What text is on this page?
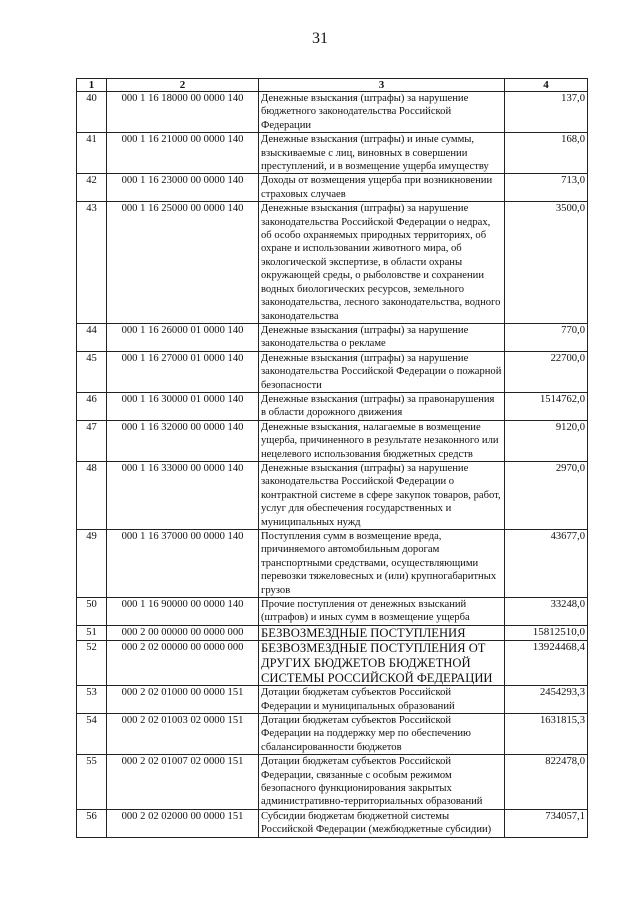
31
1	2	3	4
40	000 1 16 18000 00 0000 140	Денежные взыскания (штрафы) за нарушение бюджетного законодательства Российской Федерации	137,0
41	000 1 16 21000 00 0000 140	Денежные взыскания (штрафы) и иные суммы, взыскиваемые с лиц, виновных в совершении преступлений, и в возмещение ущерба имуществу	168,0
42	000 1 16 23000 00 0000 140	Доходы от возмещения ущерба при возникновении страховых случаев	713,0
43	000 1 16 25000 00 0000 140	Денежные взыскания (штрафы) за нарушение законодательства Российской Федерации о недрах, об особо охраняемых природных территориях, об охране и использовании животного мира, об экологической экспертизе, в области охраны окружающей среды, о рыболовстве и сохранении водных биологических ресурсов, земельного законодательства, лесного законодательства, водного законодательства	3500,0
44	000 1 16 26000 01 0000 140	Денежные взыскания (штрафы) за нарушение законодательства о рекламе	770,0
45	000 1 16 27000 01 0000 140	Денежные взыскания (штрафы) за нарушение законодательства Российской Федерации о пожарной безопасности	22700,0
46	000 1 16 30000 01 0000 140	Денежные взыскания (штрафы) за правонарушения в области дорожного движения	1514762,0
47	000 1 16 32000 00 0000 140	Денежные взыскания, налагаемые в возмещение ущерба, причиненного в результате незаконного или нецелевого использования бюджетных средств	9120,0
48	000 1 16 33000 00 0000 140	Денежные взыскания (штрафы) за нарушение законодательства Российской Федерации о контрактной системе в сфере закупок товаров, работ, услуг для обеспечения государственных и муниципальных нужд	2970,0
49	000 1 16 37000 00 0000 140	Поступления сумм в возмещение вреда, причиняемого автомобильным дорогам транспортными средствами, осуществляющими перевозки тяжеловесных и (или) крупногабаритных грузов	43677,0
50	000 1 16 90000 00 0000 140	Прочие поступления от денежных взысканий (штрафов) и иных сумм в возмещение ущерба	33248,0
51	000 2 00 00000 00 0000 000	БЕЗВОЗМЕЗДНЫЕ ПОСТУПЛЕНИЯ	15812510,0
52	000 2 02 00000 00 0000 000	БЕЗВОЗМЕЗДНЫЕ ПОСТУПЛЕНИЯ ОТ ДРУГИХ БЮДЖЕТОВ БЮДЖЕТНОЙ СИСТЕМЫ РОССИЙСКОЙ ФЕДЕРАЦИИ	13924468,4
53	000 2 02 01000 00 0000 151	Дотации бюджетам субъектов Российской Федерации и муниципальных образований	2454293,3
54	000 2 02 01003 02 0000 151	Дотации бюджетам субъектов Российской Федерации на поддержку мер по обеспечению сбалансированности бюджетов	1631815,3
55	000 2 02 01007 02 0000 151	Дотации бюджетам субъектов Российской Федерации, связанные с особым режимом безопасного функционирования закрытых административно-территориальных образований	822478,0
56	000 2 02 02000 00 0000 151	Субсидии бюджетам бюджетной системы Российской Федерации (межбюджетные субсидии)	734057,1
